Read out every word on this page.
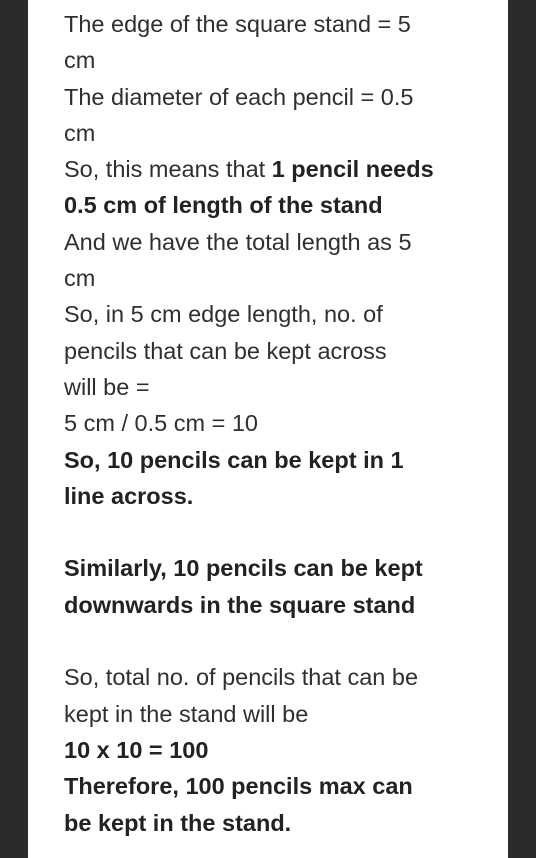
The edge of the square stand = 5
cm
The diameter of each pencil = 0.5
cm
So, this means that 1 pencil needs
0.5 cm of length of the stand
And we have the total length as 5
cm
So, in 5 cm edge length, no. of
pencils that can be kept across
will be =
5 cm / 0.5 cm = 10
So, 10 pencils can be kept in 1
line across.
Similarly, 10 pencils can be kept
downwards in the square stand
So, total no. of pencils that can be
kept in the stand will be
10 x 10 = 100
Therefore, 100 pencils max can
be kept in the stand.
